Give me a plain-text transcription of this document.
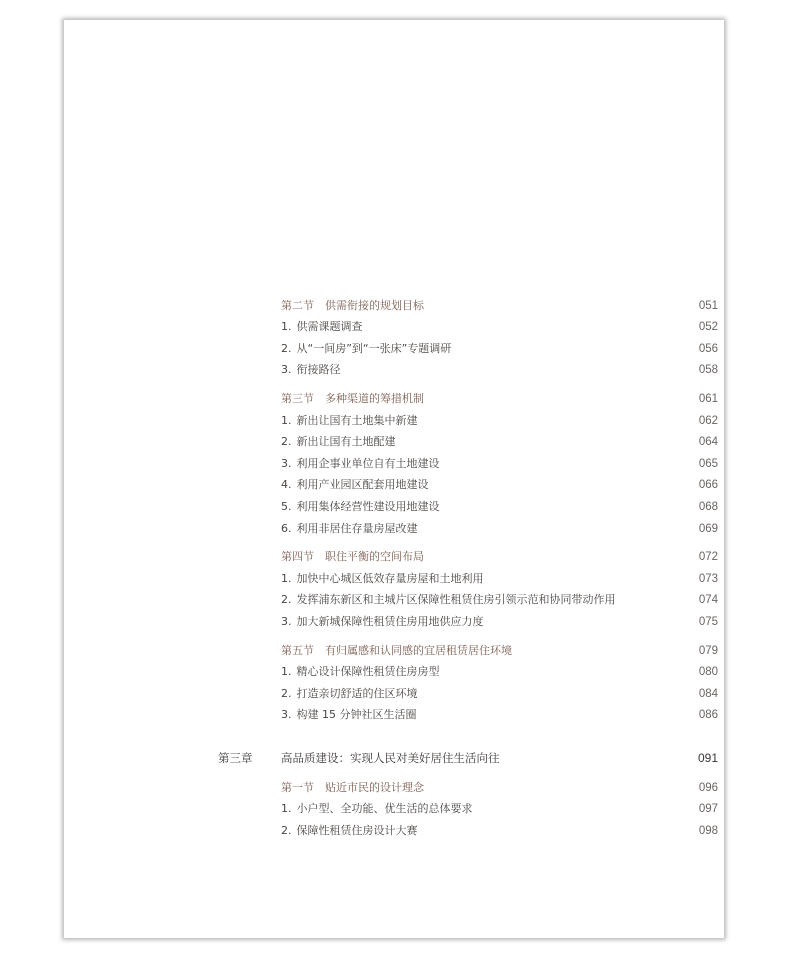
第二节 供需衔接的规划目标	051
1. 供需课题调查	052
2. 从“一间房”到“一张床”专题调研	056
3. 衔接路径	058
第三节 多种渠道的筹措机制	061
1. 新出让国有土地集中新建	062
2. 新出让国有土地配建	064
3. 利用企事业单位自有土地建设	065
4. 利用产业园区配套用地建设	066
5. 利用集体经营性建设用地建设	068
6. 利用非居住存量房屋改建	069
第四节 职住平衡的空间布局	072
1. 加快中心城区低效存量房屋和土地利用	073
2. 发挥浦东新区和主城片区保障性租赁住房引领示范和协同带动作用	074
3. 加大新城保障性租赁住房用地供应力度	075
第五节 有归属感和认同感的宜居租赁居住环境	079
1. 精心设计保障性租赁住房房型	080
2. 打造亲切舒适的住区环境	084
3. 构建 15 分钟社区生活圈	086
第三章 高品质建设：实现人民对美好居住生活向往	091
第一节 贴近市民的设计理念	096
1. 小户型、全功能、优生活的总体要求	097
2. 保障性租赁住房设计大赛	098
